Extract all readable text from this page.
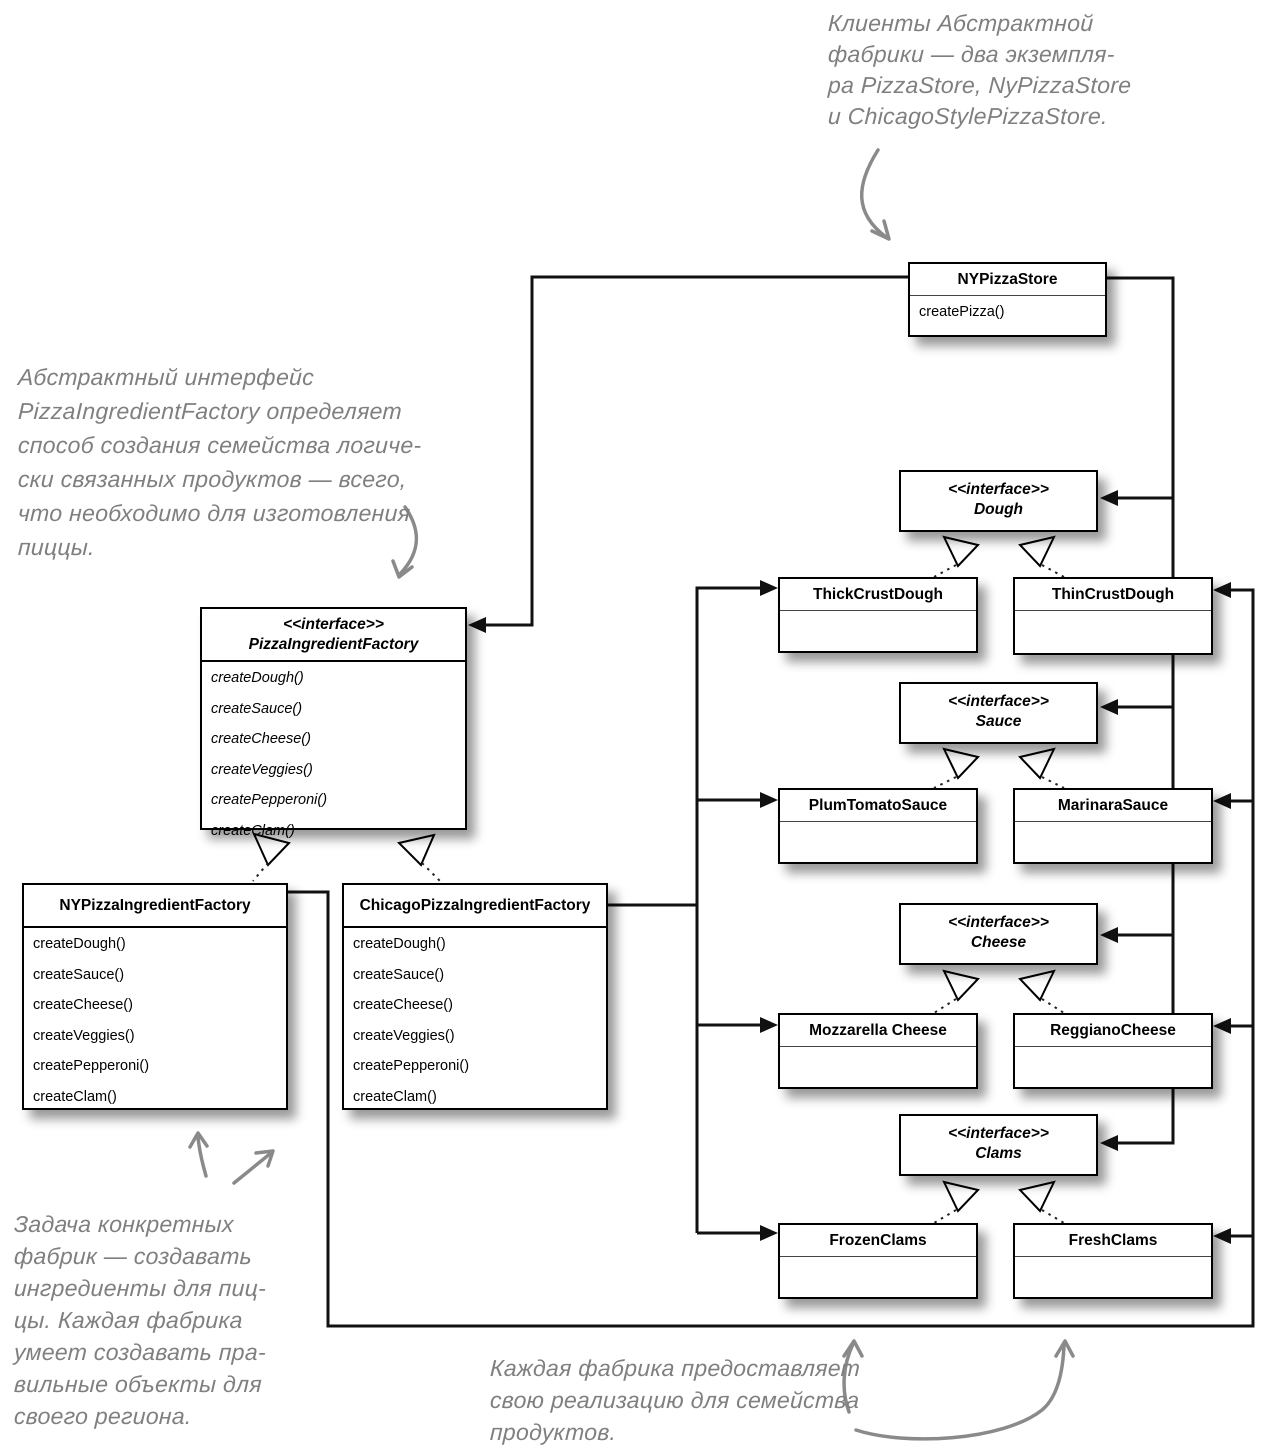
NYPizzaStore
createPizza()
<<interface>>
PizzaIngredientFactory
createDough()
createSauce()
createCheese()
createVeggies()
createPepperoni()
createClam()
NYPizzaIngredientFactory
createDough()
createSauce()
createCheese()
createVeggies()
createPepperoni()
createClam()
ChicagoPizzaIngredientFactory
createDough()
createSauce()
createCheese()
createVeggies()
createPepperoni()
createClam()
<<interface>>
Dough
<<interface>>
Sauce
<<interface>>
Cheese
<<interface>>
Clams
ThickCrustDough
PlumTomatoSauce
Mozzarella Cheese
FrozenClams
ThinCrustDough
MarinaraSauce
ReggianoCheese
FreshClams
Клиенты Абстрактной
фабрики — два экземпля-
ра PizzaStore, NyPizzaStore
и ChicagoStylePizzaStore.
Абстрактный интерфейс
PizzaIngredientFactory определяет
способ создания семейства логиче-
ски связанных продуктов — всего,
что необходимо для изготовления
пиццы.
Задача конкретных
фабрик — создавать
ингредиенты для пиц-
цы. Каждая фабрика
умеет создавать пра-
вильные объекты для
своего региона.
Каждая фабрика предоставляет
свою реализацию для семейства
продуктов.
